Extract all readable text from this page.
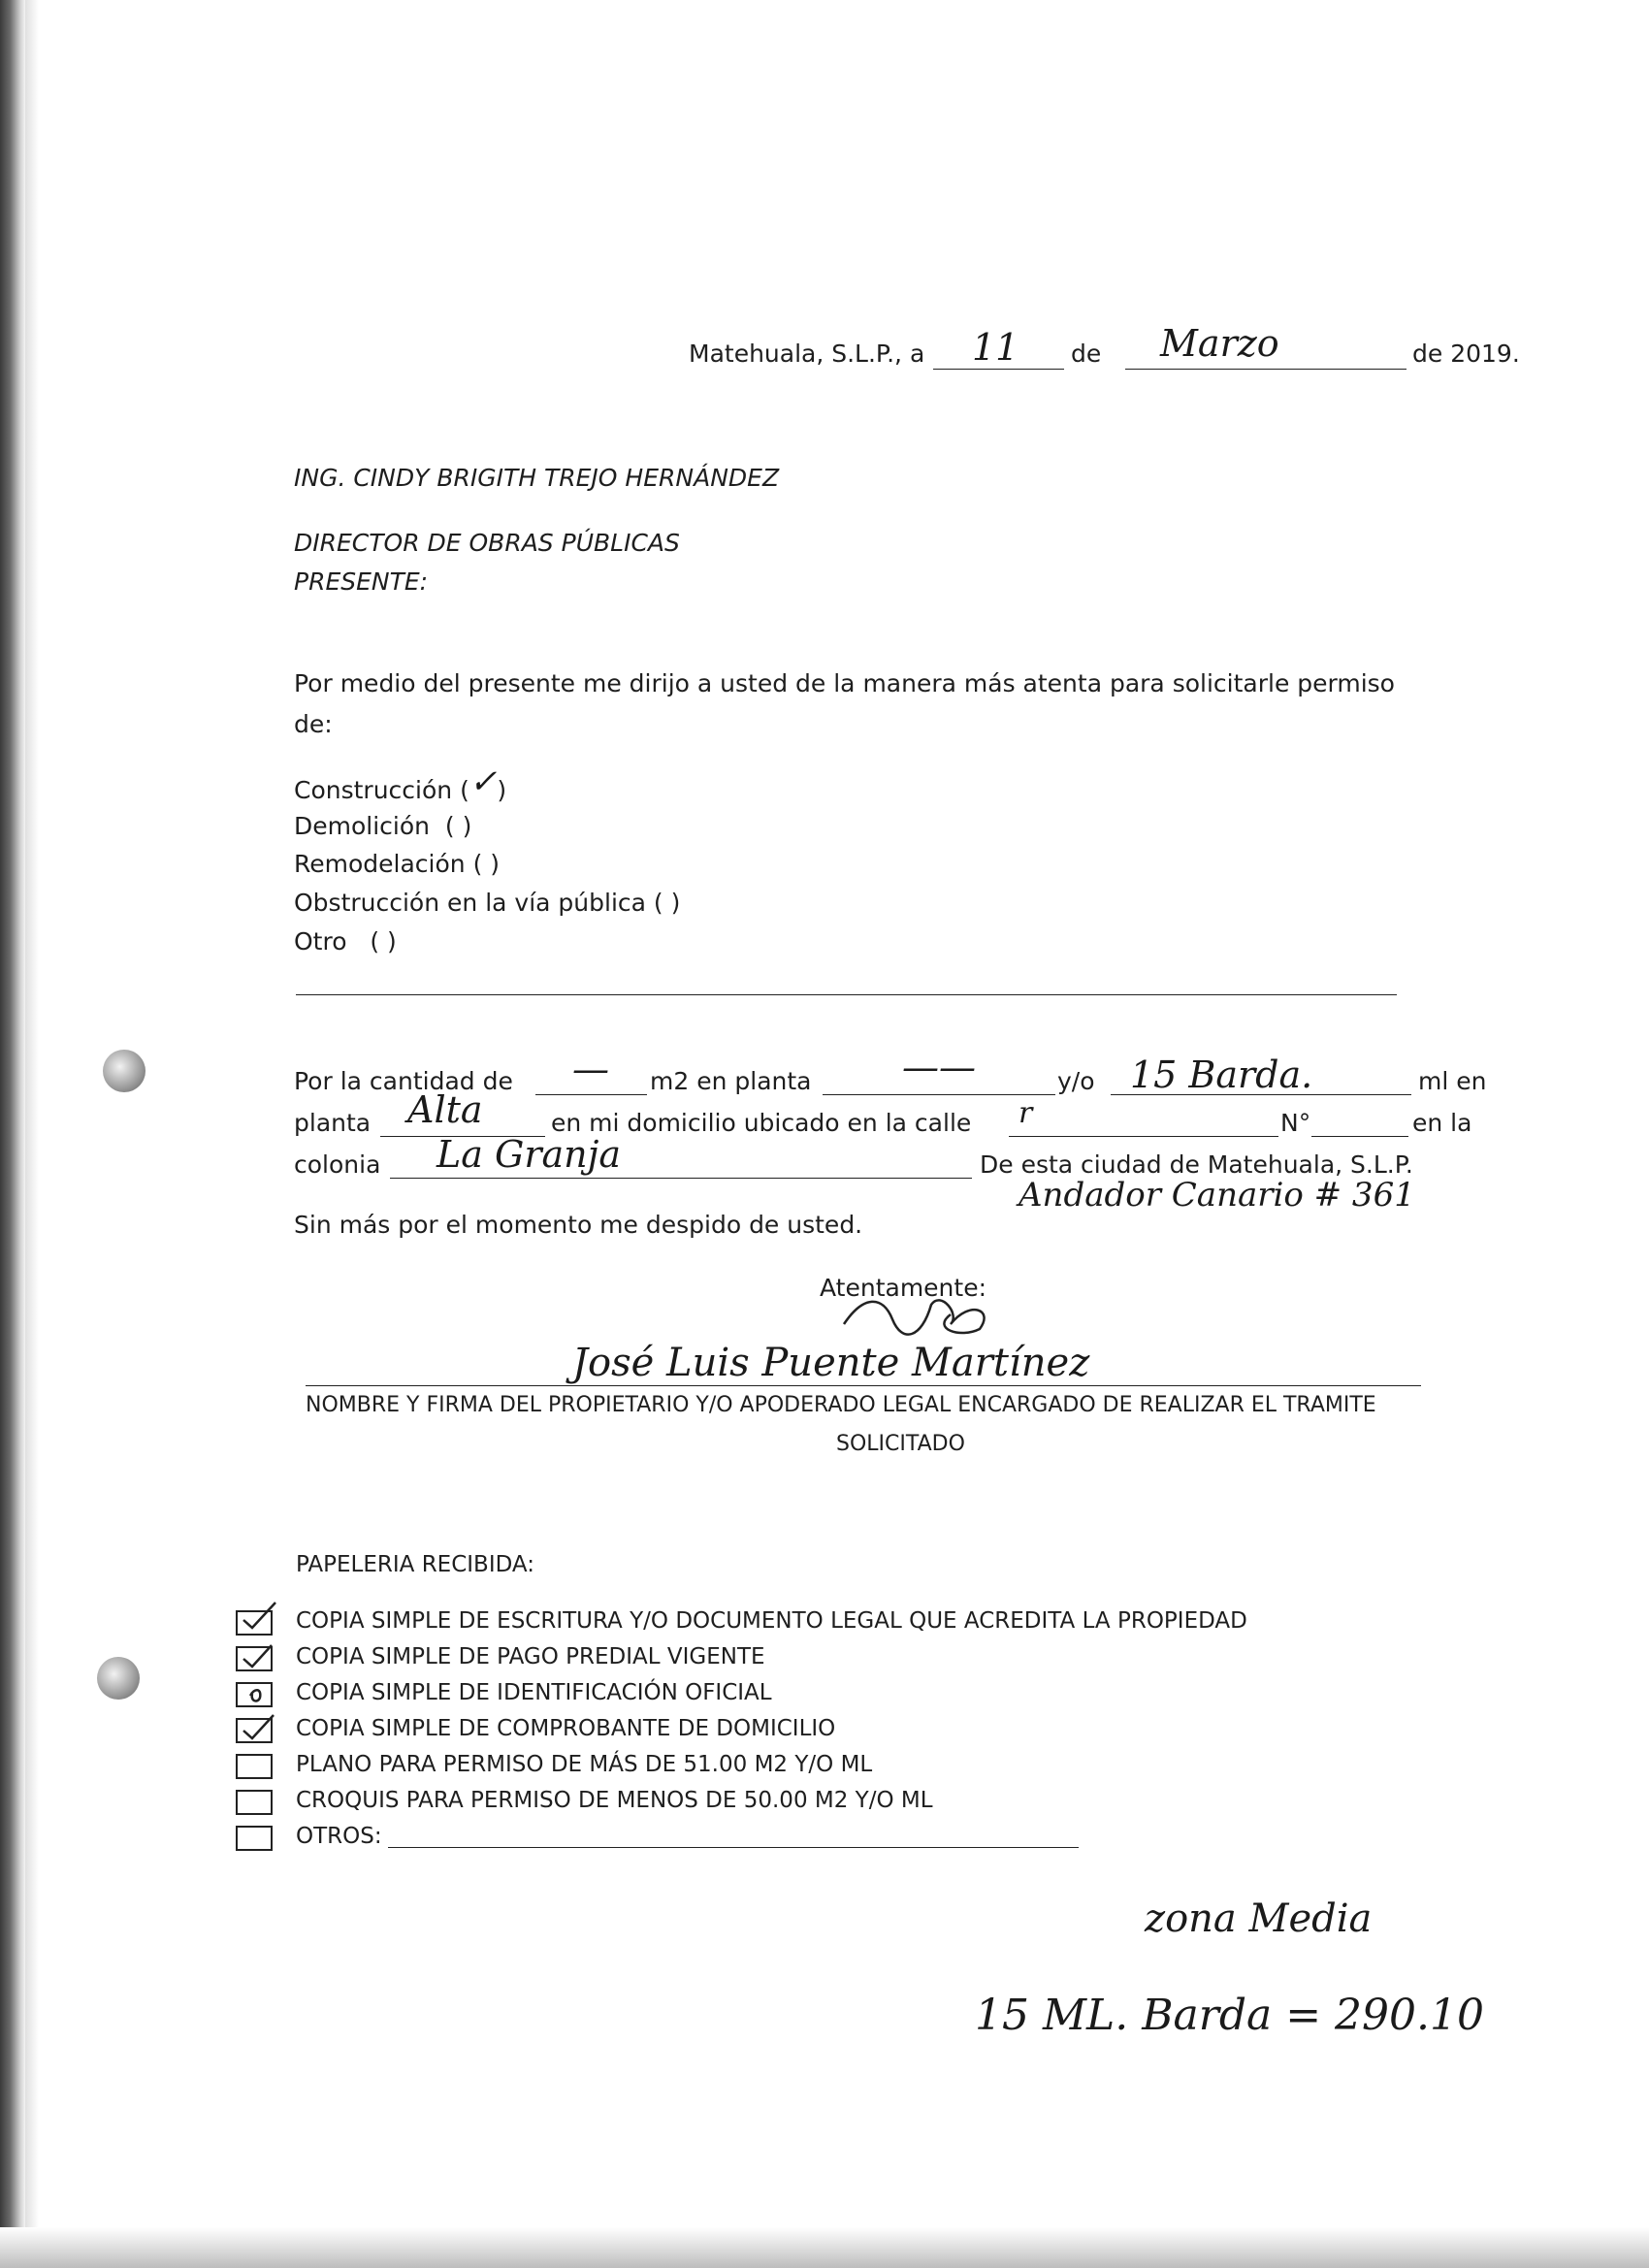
Matehuala, S.L.P., a 11 de Marzo	de 2019.
ING. CINDY BRIGITH TREJO HERNÁNDEZ
DIRECTOR DE OBRAS PÚBLICAS
PRESENTE:
Por medio del presente me dirijo a usted de la manera más atenta para solicitarle permiso
de:
Construcción (✓)
Demolición ( )
Remodelación ( )
Obstrucción en la vía pública ( )
Otro ( )
Por la cantidad de — m2 en planta ——	y/o 15 Barda.	ml en
planta Alta	en mi domicilio ubicado en la calle r	N°	en la
colonia La Granja	De esta ciudad de Matehuala, S.L.P.
Andador Canario # 361
Sin más por el momento me despido de usted.
Atentamente:
José Luis Puente Martínez
NOMBRE Y FIRMA DEL PROPIETARIO Y/O APODERADO LEGAL ENCARGADO DE REALIZAR EL TRAMITE
SOLICITADO
PAPELERIA RECIBIDA:
COPIA SIMPLE DE ESCRITURA Y/O DOCUMENTO LEGAL QUE ACREDITA LA PROPIEDAD
COPIA SIMPLE DE PAGO PREDIAL VIGENTE
COPIA SIMPLE DE IDENTIFICACIÓN OFICIAL
COPIA SIMPLE DE COMPROBANTE DE DOMICILIO
PLANO PARA PERMISO DE MÁS DE 51.00 M2 Y/O ML
CROQUIS PARA PERMISO DE MENOS DE 50.00 M2 Y/O ML
OTROS:
zona Media
15 ML. Barda = 290.10
